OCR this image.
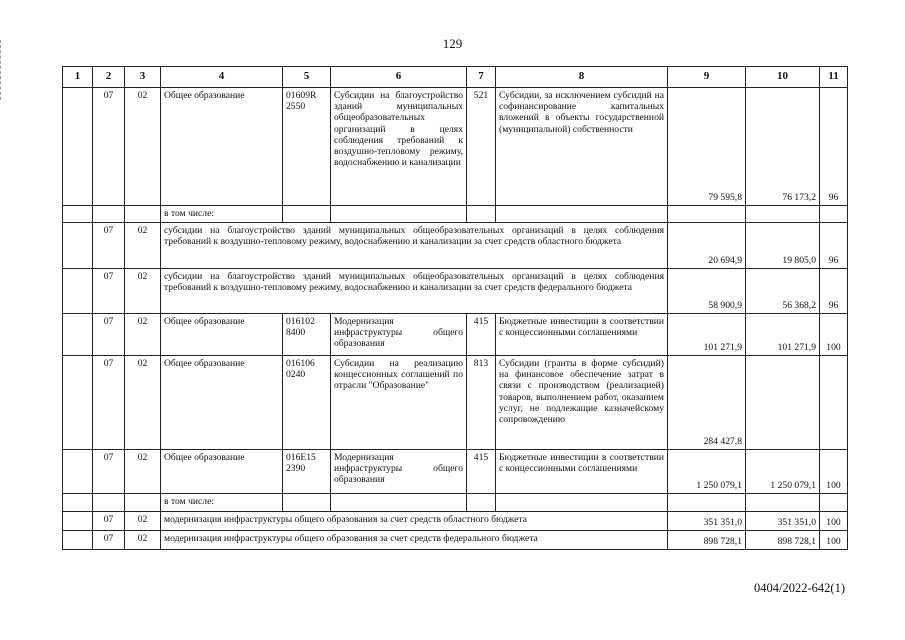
129
1	2	3	4	5	6	7	8	9	10	11
	07	02	Общее образование	01609R 2550	Субсидии на благоустройство зданий муниципальных общеобразовательных организаций в целях соблюдения требований к воздушно-тепловому режиму, водоснабжению и канализации	521	Субсидии, за исключением субсидий на софинансирование капитальных вложений в объекты государственной (муниципальной) собственности	79 595,8	76 173,2	96
			в том числе:							
	07	02	субсидии на благоустройство зданий муниципальных общеобразовательных организаций в целях соблюдения требований к воздушно-тепловому режиму, водоснабжению и канализации за счет средств областного бюджета					20 694,9	19 805,0	96
	07	02	субсидии на благоустройство зданий муниципальных общеобразовательных организаций в целях соблюдения требований к воздушно-тепловому режиму, водоснабжению и канализации за счет средств федерального бюджета					58 900,9	56 368,2	96
	07	02	Общее образование	016102 8400	Модернизация инфраструктуры общего образования	415	Бюджетные инвестиции в соответствии с концессионными соглашениями	101 271,9	101 271,9	100
	07	02	Общее образование	016106 0240	Субсидии на реализацию концессионных соглашений по отрасли "Образование"	813	Субсидии (гранты в форме субсидий) на финансовое обеспечение затрат в связи с производством (реализацией) товаров, выполнением работ, оказанием услуг, не подлежащие казначейскому сопровождению	284 427,8		
	07	02	Общее образование	016E15 2390	Модернизация инфраструктуры общего образования	415	Бюджетные инвестиции в соответствии с концессионными соглашениями	1 250 079,1	1 250 079,1	100
			в том числе:							
	07	02	модернизация инфраструктуры общего образования за счет средств областного бюджета					351 351,0	351 351,0	100
	07	02	модернизация инфраструктуры общего образования за счет средств федерального бюджета					898 728,1	898 728,1	100
0404/2022-642(1)
